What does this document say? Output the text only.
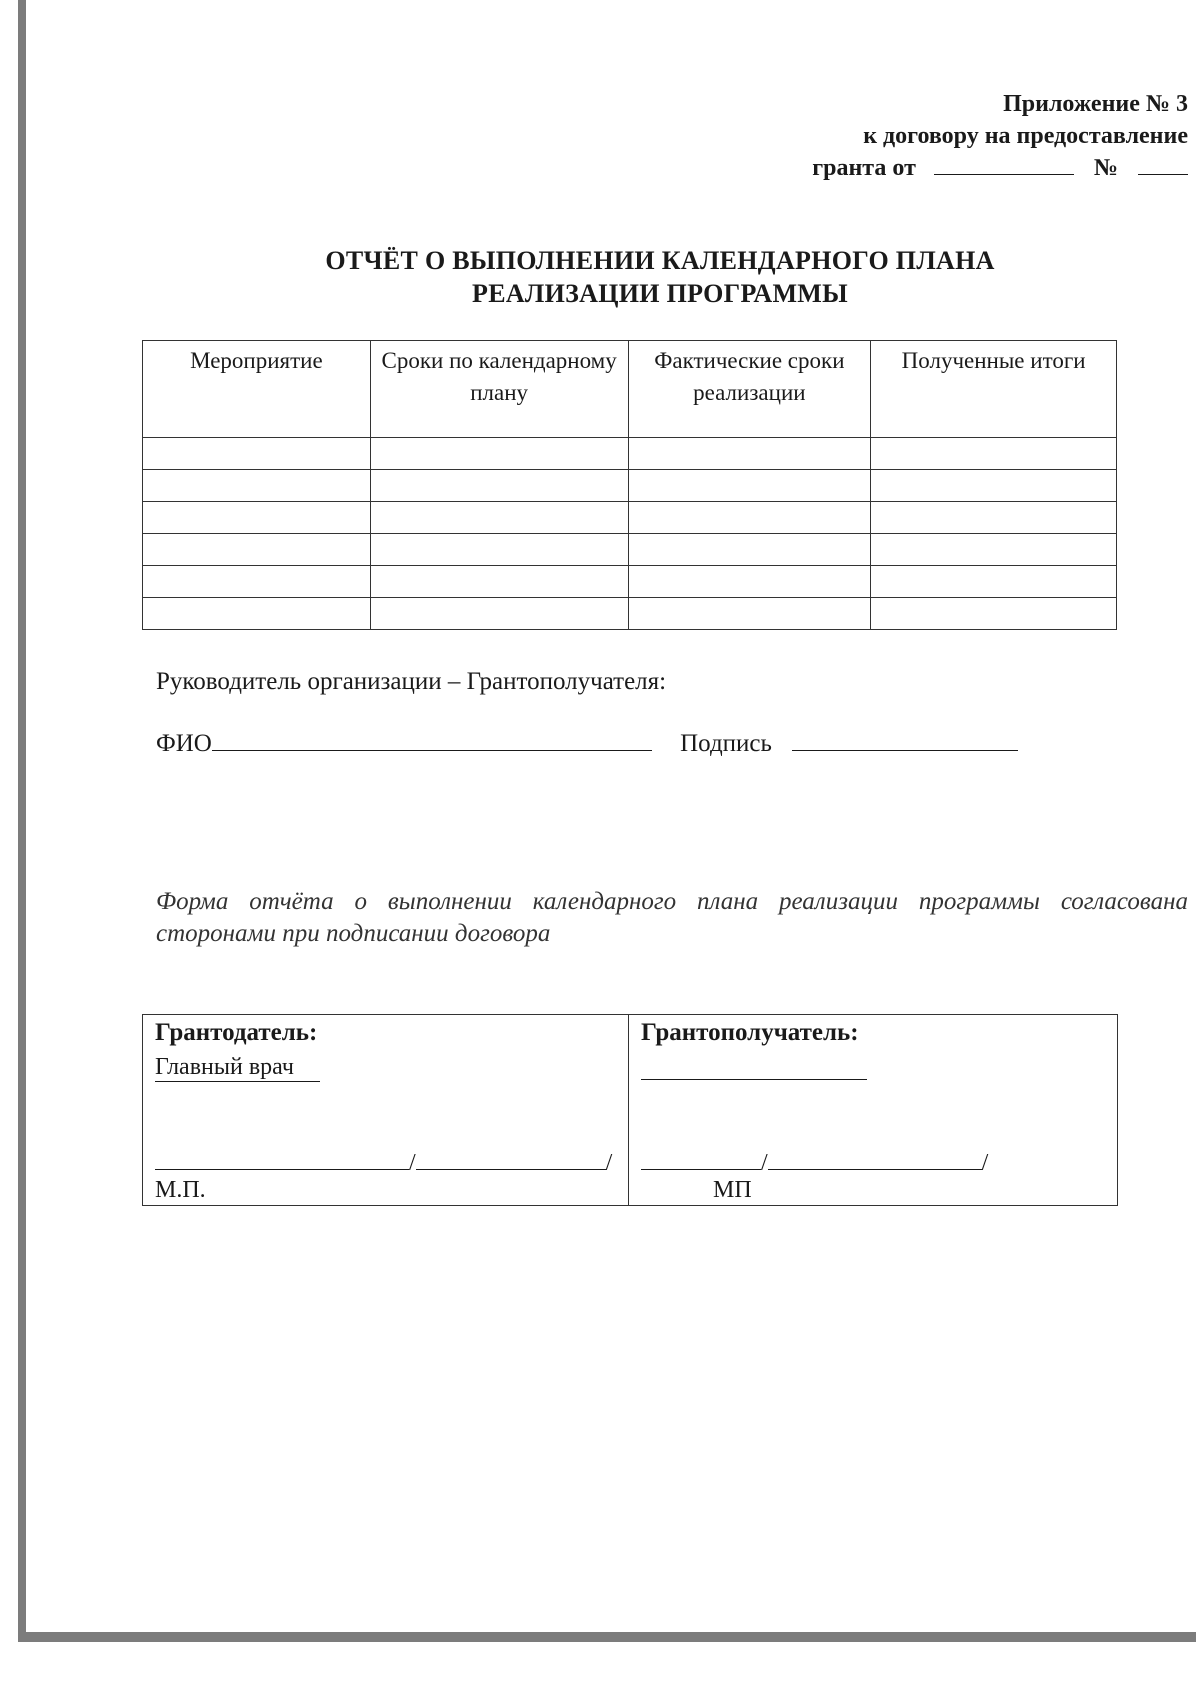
Приложение № 3
к договору на предоставление
гранта от	№
ОТЧЁТ О ВЫПОЛНЕНИИ КАЛЕНДАРНОГО ПЛАНА
РЕАЛИЗАЦИИ ПРОГРАММЫ
Мероприятие	Сроки по календарному плану	Фактические сроки реализации	Полученные итоги

Руководитель организации – Грантополучателя:
ФИО	Подпись
Форма отчёта о выполнении календарного плана реализации программы согласована сторонами при подписании договора
Грантодатель:
Главный врач
/	/
М.П.
Грантополучатель:
/	/
МП
